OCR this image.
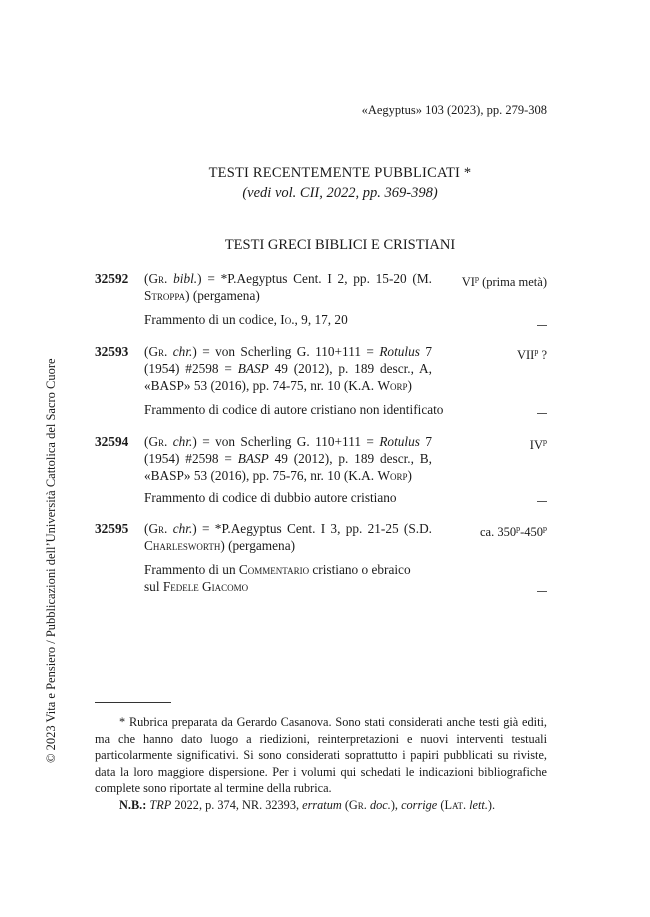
«Aegyptus» 103 (2023), pp. 279-308
TESTI RECENTEMENTE PUBBLICATI *
(vedi vol. CII, 2022, pp. 369-398)
TESTI GRECI BIBLICI E CRISTIANI
© 2023 Vita e Pensiero / Pubblicazioni dell’Università Cattolica del Sacro Cuore
32592 (Gr. bibl.) = *P.Aegyptus Cent. I 2, pp. 15-20 (M. Stroppa) (pergamena)
$VI^p$ (prima metà)
Frammento di un codice, Io., 9, 17, 20
32593 (Gr. chr.) = von Scherling G. 110+111 = Rotulus 7 (1954) #2598 = BASP 49 (2012), p. 189 descr., A, «BASP» 53 (2016), pp. 74-75, nr. 10 (K.A. Worp)
VII$^p$ ?
Frammento di codice di autore cristiano non identificato
32594 (Gr. chr.) = von Scherling G. 110+111 = Rotulus 7 (1954) #2598 = BASP 49 (2012), p. 189 descr., B, «BASP» 53 (2016), pp. 75-76, nr. 10 (K.A. Worp)
$IV^p$
Frammento di codice di dubbio autore cristiano
32595 (Gr. chr.) = *P.Aegyptus Cent. I 3, pp. 21-25 (S.D. Charlesworth) (pergamena)
ca. 350$^p$-450$^p$
Frammento di un Commentario cristiano o ebraico
sul Fedele Giacomo
* Rubrica preparata da Gerardo Casanova. Sono stati considerati anche testi già editi, ma che hanno dato luogo a riedizioni, reinterpretazioni e nuovi interventi testuali particolarmente significativi. Si sono considerati soprattutto i papiri pubblicati su riviste, data la loro maggiore dispersione. Per i volumi qui schedati le indicazioni bibliografiche complete sono riportate al termine della rubrica.
N.B.: TRP 2022, p. 374, NR. 32393, erratum (Gr. doc.), corrige (Lat. lett.).
